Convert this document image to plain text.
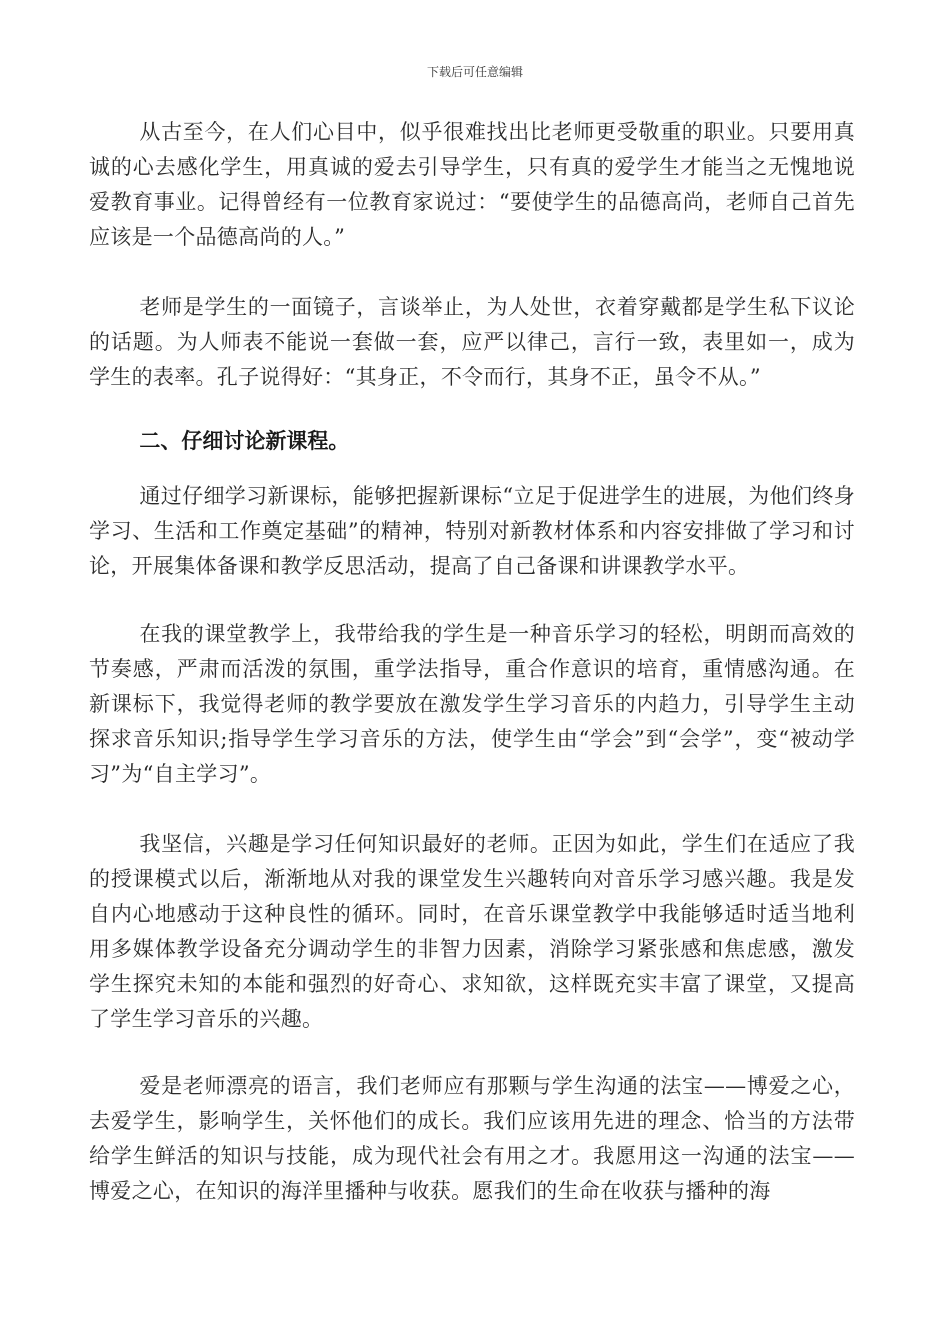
下载后可任意编辑

从古至今，在人们心目中，似乎很难找出比老师更受敬重的职业。只要用真诚的心去感化学生，用真诚的爱去引导学生，只有真的爱学生才能当之无愧地说爱教育事业。记得曾经有一位教育家说过：“要使学生的品德高尚，老师自己首先应该是一个品德高尚的人。”

老师是学生的一面镜子，言谈举止，为人处世，衣着穿戴都是学生私下议论的话题。为人师表不能说一套做一套，应严以律己，言行一致，表里如一，成为学生的表率。孔子说得好：“其身正，不令而行，其身不正，虽令不从。”

二、仔细讨论新课程。

通过仔细学习新课标，能够把握新课标“立足于促进学生的进展，为他们终身学习、生活和工作奠定基础”的精神，特别对新教材体系和内容安排做了学习和讨论，开展集体备课和教学反思活动，提高了自己备课和讲课教学水平。

在我的课堂教学上，我带给我的学生是一种音乐学习的轻松，明朗而高效的节奏感，严肃而活泼的氛围，重学法指导，重合作意识的培育，重情感沟通。在新课标下，我觉得老师的教学要放在激发学生学习音乐的内趋力，引导学生主动探求音乐知识;指导学生学习音乐的方法，使学生由“学会”到“会学”，变“被动学习”为“自主学习”。

我坚信，兴趣是学习任何知识最好的老师。正因为如此，学生们在适应了我的授课模式以后，渐渐地从对我的课堂发生兴趣转向对音乐学习感兴趣。我是发自内心地感动于这种良性的循环。同时，在音乐课堂教学中我能够适时适当地利用多媒体教学设备充分调动学生的非智力因素，消除学习紧张感和焦虑感，激发学生探究未知的本能和强烈的好奇心、求知欲，这样既充实丰富了课堂，又提高了学生学习音乐的兴趣。

爱是老师漂亮的语言，我们老师应有那颗与学生沟通的法宝——博爱之心，去爱学生，影响学生，关怀他们的成长。我们应该用先进的理念、恰当的方法带给学生鲜活的知识与技能，成为现代社会有用之才。我愿用这一沟通的法宝——博爱之心，在知识的海洋里播种与收获。愿我们的生命在收获与播种的海
